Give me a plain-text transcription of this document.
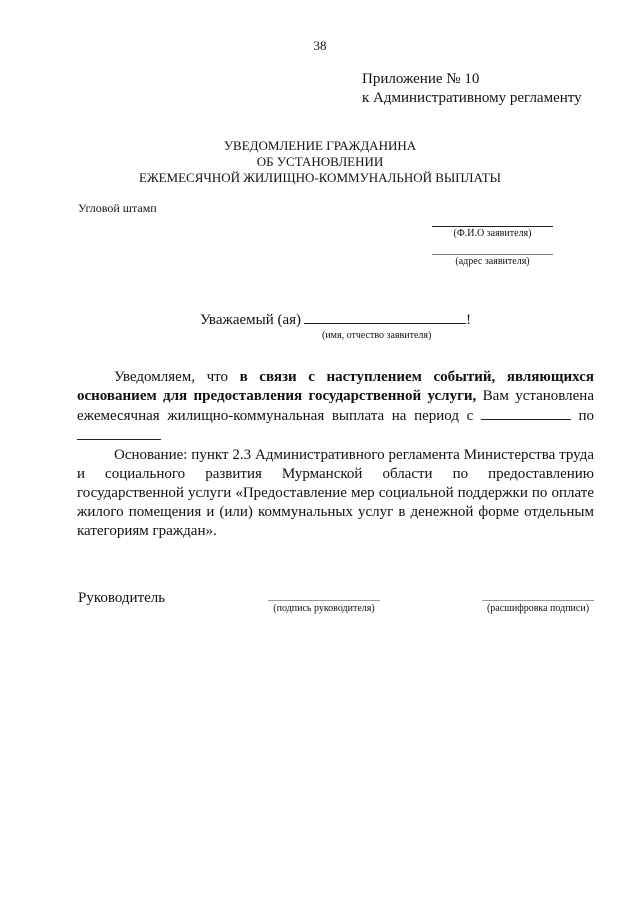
38
Приложение № 10
к Административному регламенту
УВЕДОМЛЕНИЕ ГРАЖДАНИНА
ОБ УСТАНОВЛЕНИИ
ЕЖЕМЕСЯЧНОЙ ЖИЛИЩНО-КОММУНАЛЬНОЙ ВЫПЛАТЫ
Угловой штамп
(Ф.И.О заявителя)
(адрес заявителя)
Уважаемый (ая)	!
(имя, отчество заявителя)

Уведомляем, что в связи с наступлением событий, являющихся основанием для предоставления государственной услуги, Вам установлена ежемесячная жилищно-коммунальная выплата на период с	по

Основание: пункт 2.3 Административного регламента Министерства труда и социального развития Мурманской области по предоставлению государственной услуги «Предоставление мер социальной поддержки по оплате жилого помещения и (или) коммунальных услуг в денежной форме отдельным категориям граждан».

Руководитель
(подпись руководителя)	(расшифровка подписи)
